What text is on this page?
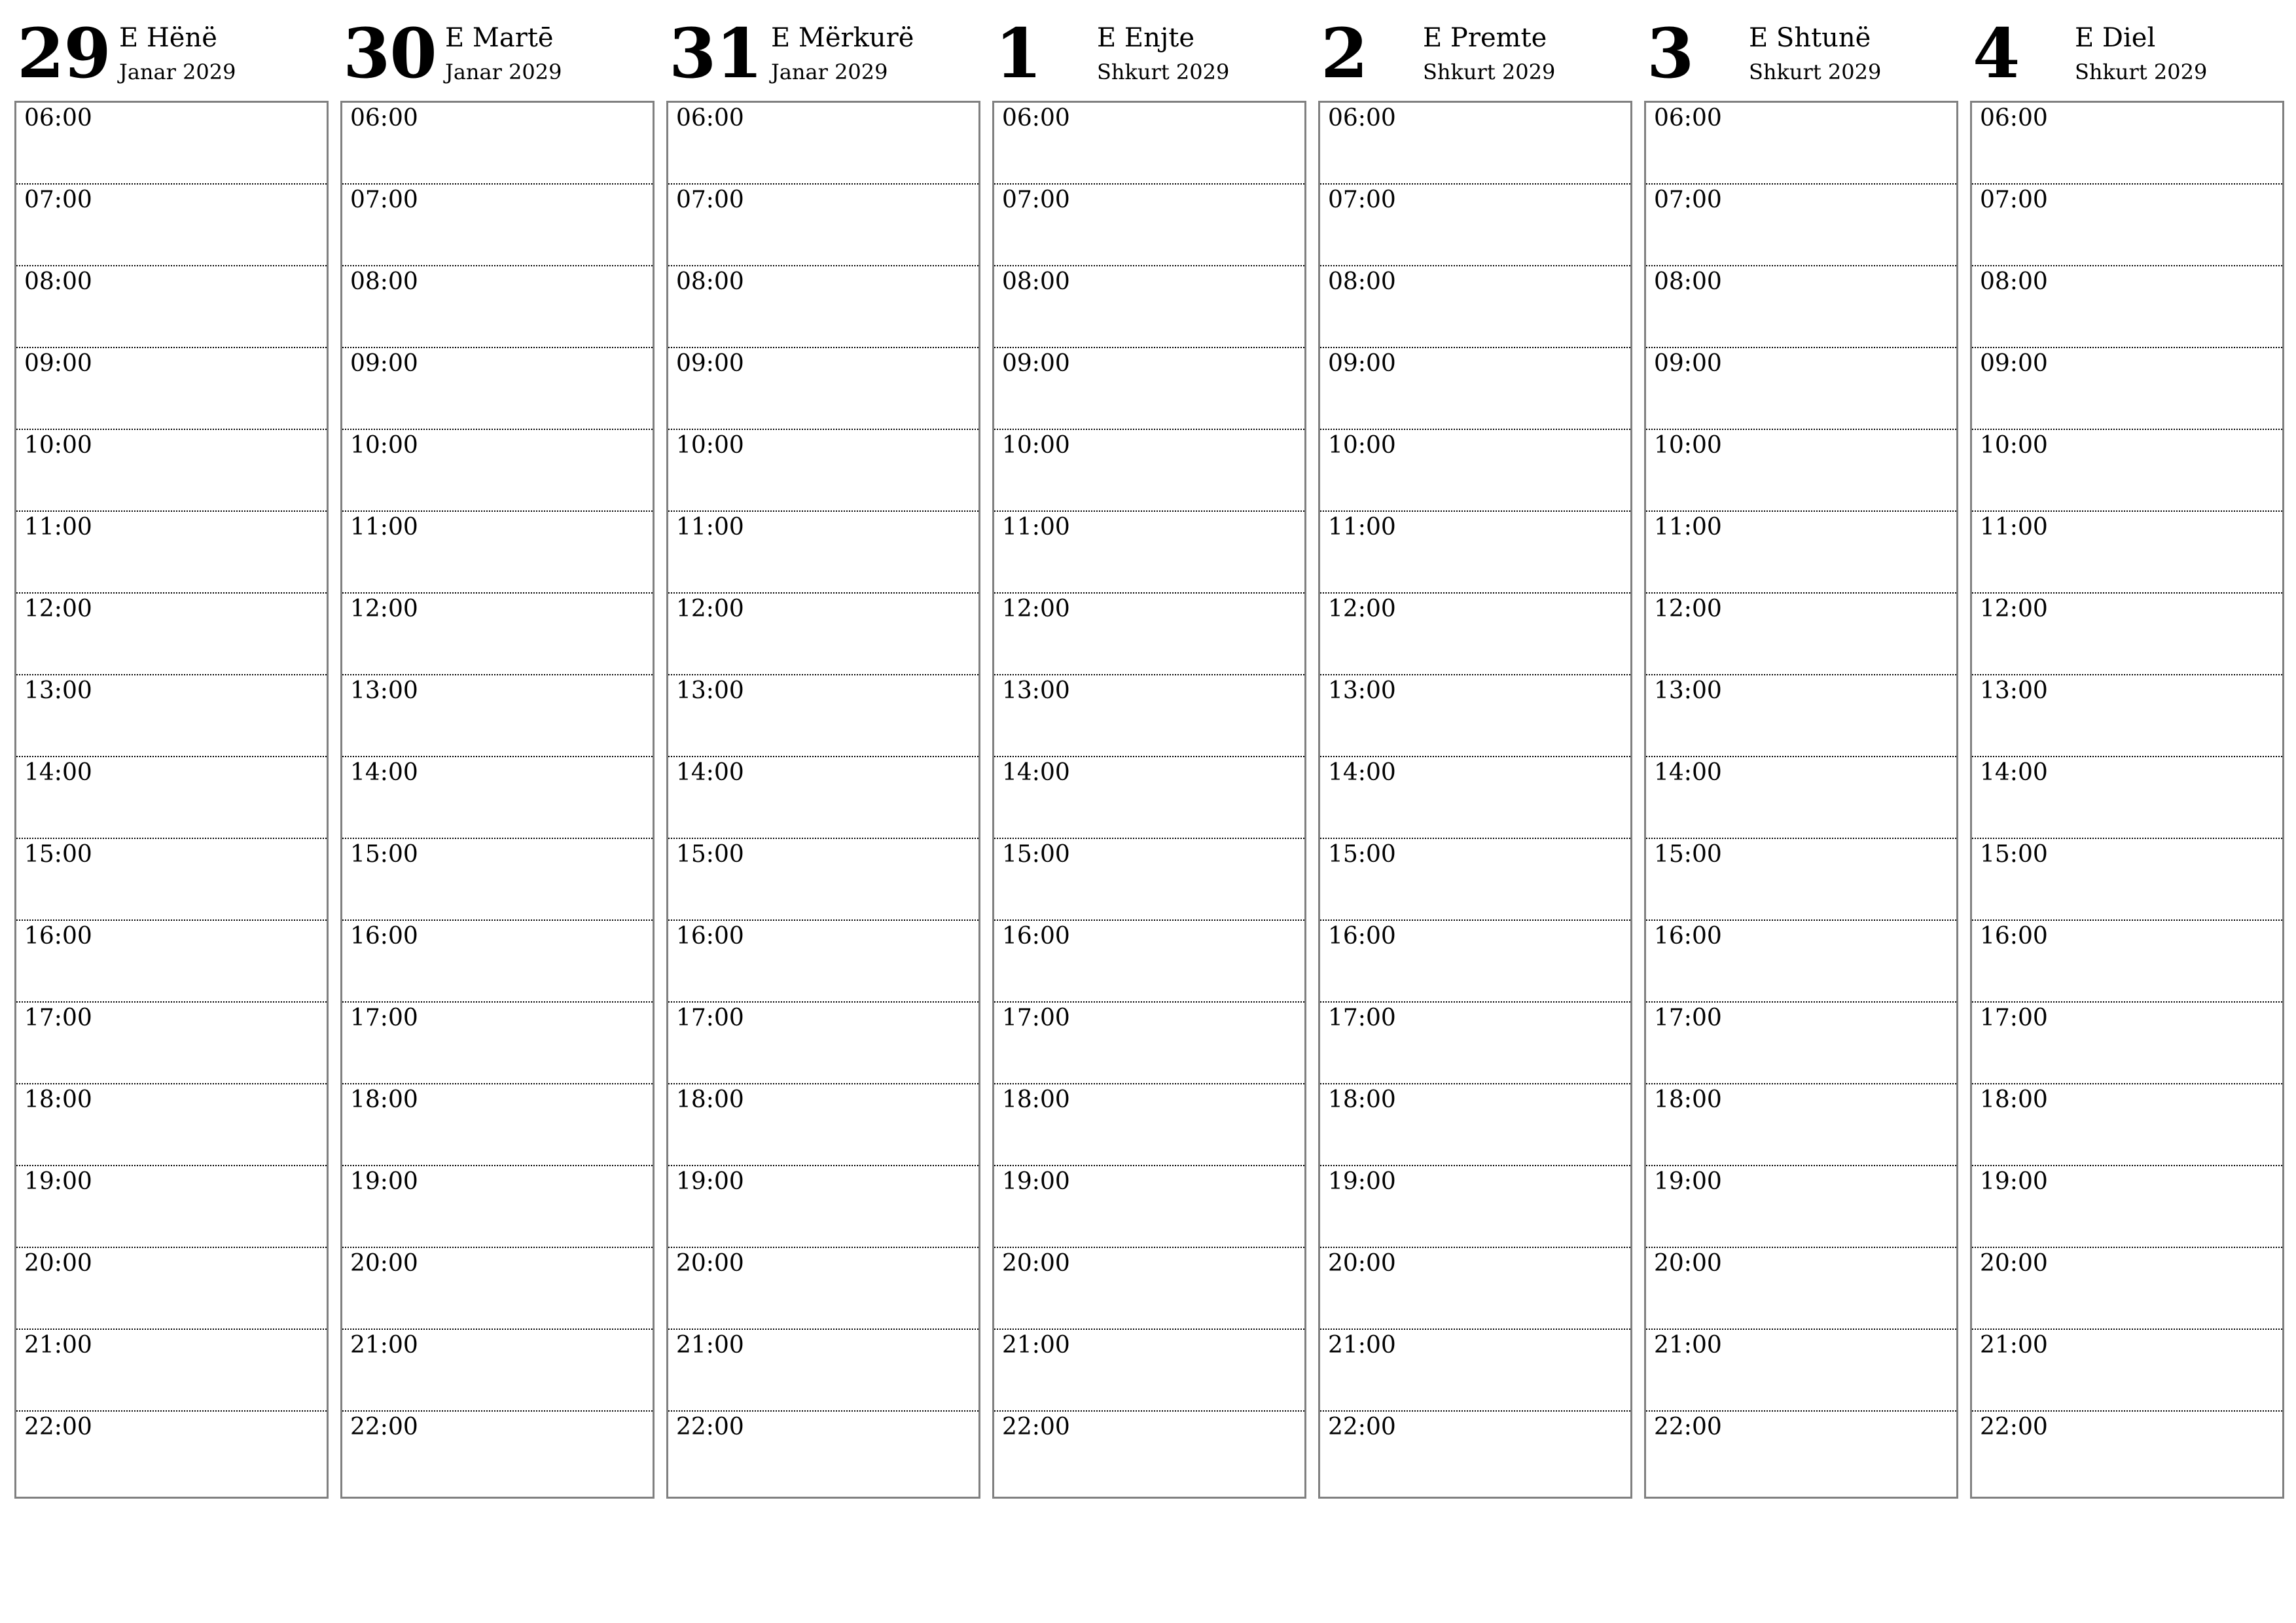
29 E Hënë
Janar 2029
06:00
07:00
08:00
09:00
10:00
11:00
12:00
13:00
14:00
15:00
16:00
17:00
18:00
19:00
20:00
21:00
22:00
30 E Martē
Janar 2029
06:00
07:00
08:00
09:00
10:00
11:00
12:00
13:00
14:00
15:00
16:00
17:00
18:00
19:00
20:00
21:00
22:00
31 E Mërkurë
Janar 2029
06:00
07:00
08:00
09:00
10:00
11:00
12:00
13:00
14:00
15:00
16:00
17:00
18:00
19:00
20:00
21:00
22:00
1 E Enjte
Shkurt 2029
06:00
07:00
08:00
09:00
10:00
11:00
12:00
13:00
14:00
15:00
16:00
17:00
18:00
19:00
20:00
21:00
22:00
2 E Premte
Shkurt 2029
06:00
07:00
08:00
09:00
10:00
11:00
12:00
13:00
14:00
15:00
16:00
17:00
18:00
19:00
20:00
21:00
22:00
3 E Shtunë
Shkurt 2029
06:00
07:00
08:00
09:00
10:00
11:00
12:00
13:00
14:00
15:00
16:00
17:00
18:00
19:00
20:00
21:00
22:00
4 E Diel
Shkurt 2029
06:00
07:00
08:00
09:00
10:00
11:00
12:00
13:00
14:00
15:00
16:00
17:00
18:00
19:00
20:00
21:00
22:00
